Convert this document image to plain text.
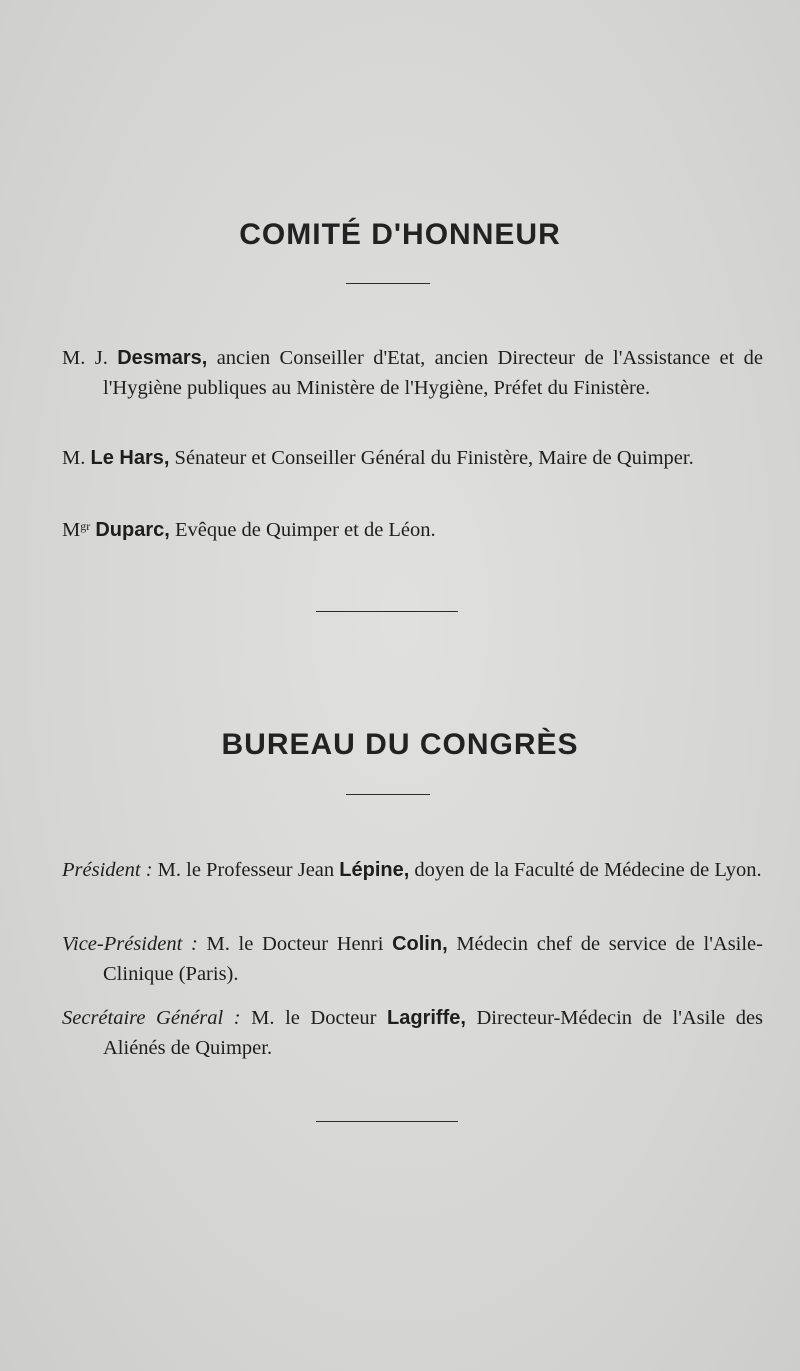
COMITÉ D'HONNEUR

M. J. Desmars, ancien Conseiller d'Etat, ancien Directeur de l'Assistance et de l'Hygiène publiques au Ministère de l'Hygiène, Préfet du Finistère.

M. Le Hars, Sénateur et Conseiller Général du Finistère, Maire de Quimper.

$M^{gr}$ Duparc, Evêque de Quimper et de Léon.

BUREAU DU CONGRÈS

Président : M. le Professeur Jean Lépine, doyen de la Faculté de Médecine de Lyon.

Vice-Président : M. le Docteur Henri Colin, Médecin chef de service de l'Asile-Clinique (Paris).

Secrétaire Général : M. le Docteur Lagriffe, Directeur-Médecin de l'Asile des Aliénés de Quimper.
